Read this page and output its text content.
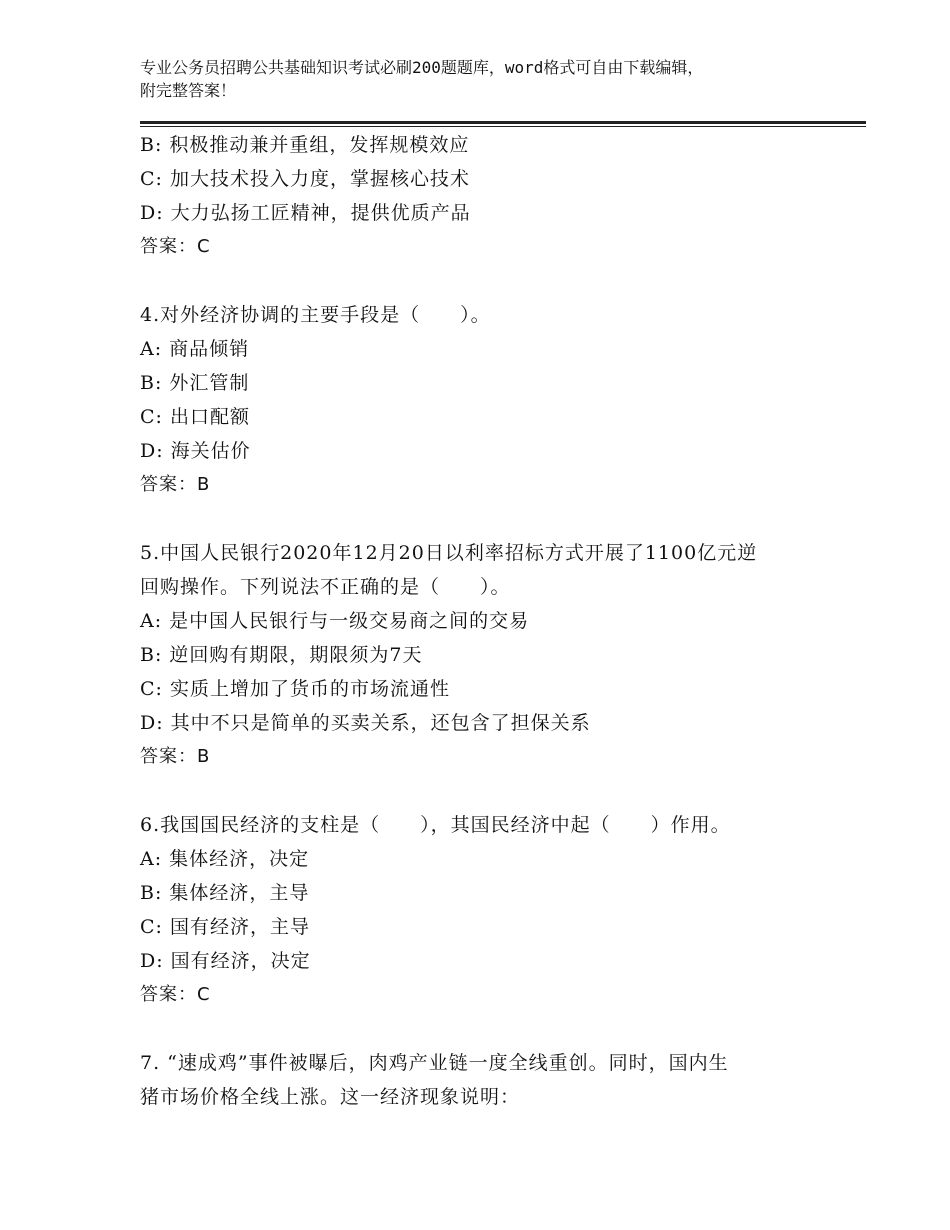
专业公务员招聘公共基础知识考试必刷200题题库，word格式可自由下载编辑，
附完整答案！
B: 积极推动兼并重组，发挥规模效应
C: 加大技术投入力度，掌握核心技术
D: 大力弘扬工匠精神，提供优质产品
答案：C
4.对外经济协调的主要手段是（　　）。
A: 商品倾销
B: 外汇管制
C: 出口配额
D: 海关估价
答案：B
5.中国人民银行2020年12月20日以利率招标方式开展了1100亿元逆
回购操作。下列说法不正确的是（　　）。
A: 是中国人民银行与一级交易商之间的交易
B: 逆回购有期限，期限须为7天
C: 实质上增加了货币的市场流通性
D: 其中不只是简单的买卖关系，还包含了担保关系
答案：B
6.我国国民经济的支柱是（　　），其国民经济中起（　　）作用。
A: 集体经济，决定
B: 集体经济，主导
C: 国有经济，主导
D: 国有经济，决定
答案：C
7. “速成鸡”事件被曝后，肉鸡产业链一度全线重创。同时，国内生
猪市场价格全线上涨。这一经济现象说明：
